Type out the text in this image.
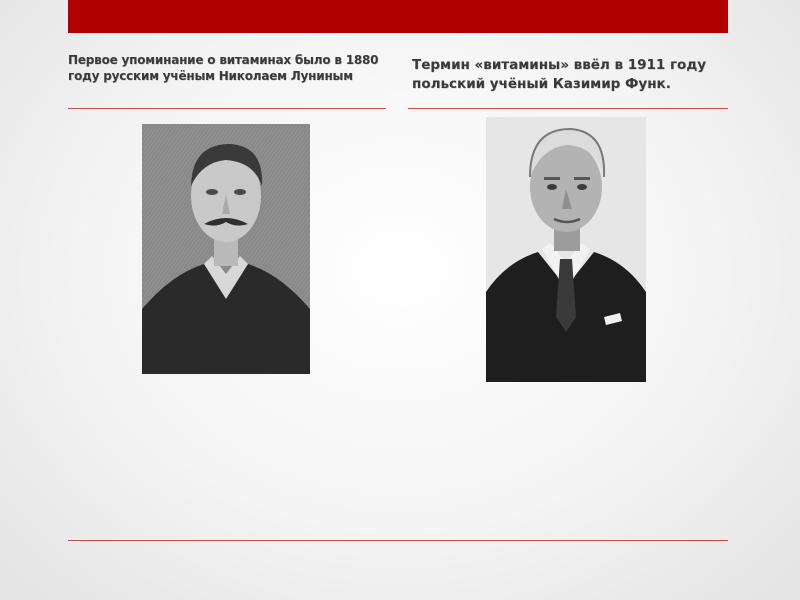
Первое упоминание о витаминах было в 1880 году русским учёным Николаем Луниным
Термин «витамины» ввёл в 1911 году польский учёный Казимир Функ.
